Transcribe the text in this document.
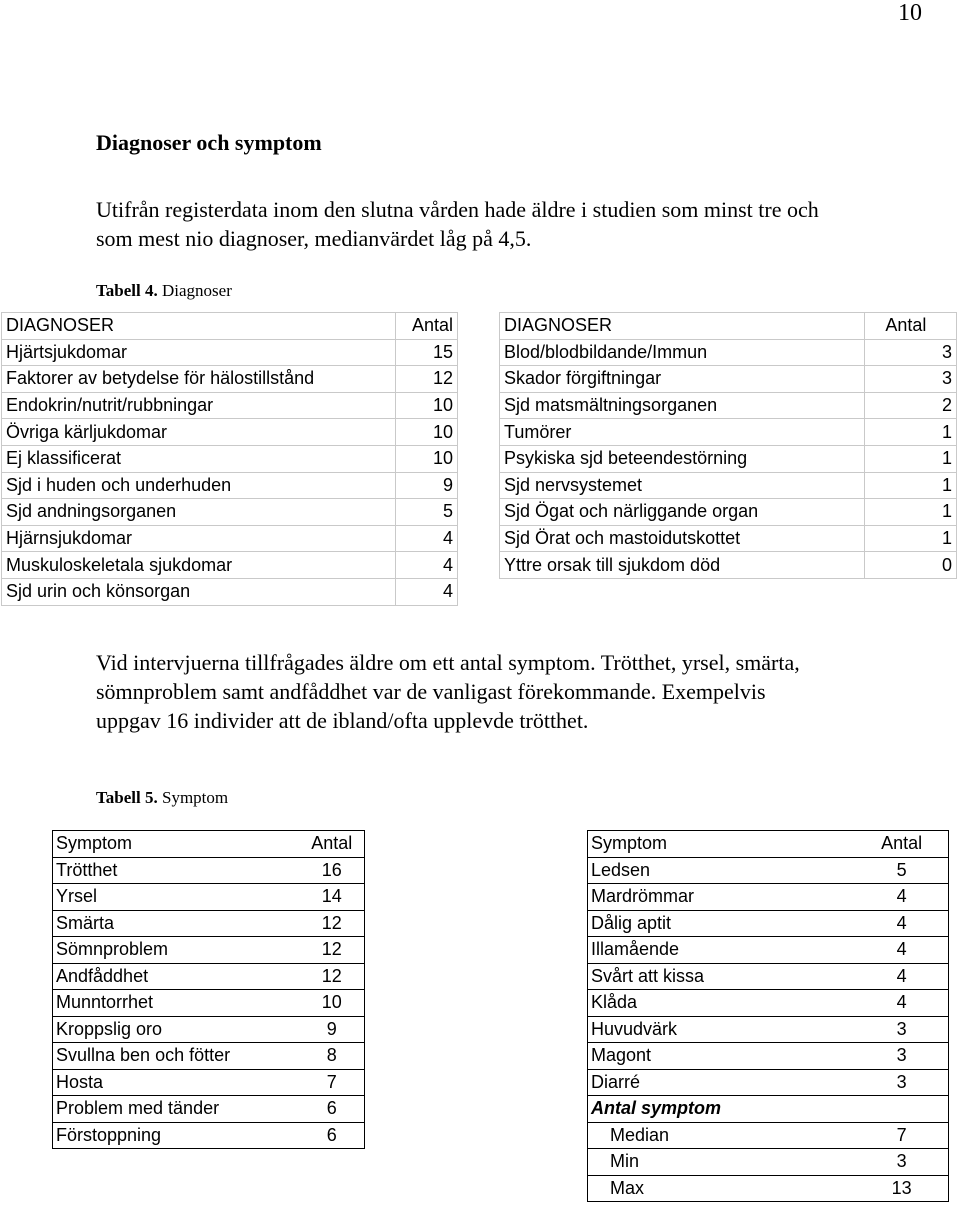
10
Diagnoser och symptom
Utifrån registerdata inom den slutna vården hade äldre i studien som minst tre och
som mest nio diagnoser, medianvärdet låg på 4,5.
Tabell 4. Diagnoser
DIAGNOSER	Antal
Hjärtsjukdomar	15
Faktorer av betydelse för hälostillstånd	12
Endokrin/nutrit/rubbningar	10
Övriga kärljukdomar	10
Ej klassificerat	10
Sjd i huden och underhuden	9
Sjd andningsorganen	5
Hjärnsjukdomar	4
Muskuloskeletala sjukdomar	4
Sjd urin och könsorgan	4
DIAGNOSER	Antal
Blod/blodbildande/Immun	3
Skador förgiftningar	3
Sjd matsmältningsorganen	2
Tumörer	1
Psykiska sjd beteendestörning	1
Sjd nervsystemet	1
Sjd Ögat och närliggande organ	1
Sjd Örat och mastoidutskottet	1
Yttre orsak till sjukdom död	0
Vid intervjuerna tillfrågades äldre om ett antal symptom. Trötthet, yrsel, smärta,
sömnproblem samt andfåddhet var de vanligast förekommande. Exempelvis
uppgav 16 individer att de ibland/ofta upplevde trötthet.
Tabell 5. Symptom
Symptom	Antal
Trötthet	16
Yrsel	14
Smärta	12
Sömnproblem	12
Andfåddhet	12
Munntorrhet	10
Kroppslig oro	9
Svullna ben och fötter	8
Hosta	7
Problem med tänder	6
Förstoppning	6
Symptom	Antal
Ledsen	5
Mardrömmar	4
Dålig aptit	4
Illamående	4
Svårt att kissa	4
Klåda	4
Huvudvärk	3
Magont	3
Diarré	3
Antal symptom	
Median	7
Min	3
Max	13
